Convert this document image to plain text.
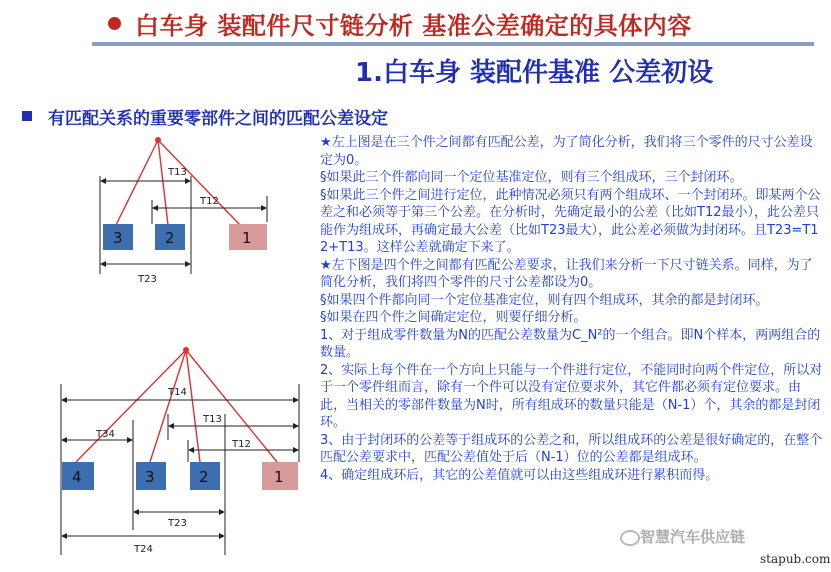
白车身 装配件尺寸链分析 基准公差确定的具体内容
1.白车身 装配件基准 公差初设
有匹配关系的重要零部件之间的匹配公差设定
T13
T12
T23
3	2	1
T14
T13
T34
T12
T23
T24
4	3	2	1

★左上图是在三个件之间都有匹配公差，为了简化分析，我们将三个零件的尺寸公差设定为0。

§如果此三个件都向同一个定位基准定位，则有三个组成环，三个封闭环。

§如果此三个件之间进行定位，此种情况必须只有两个组成环、一个封闭环。即某两个公差之和必须等于第三个公差。在分析时，先确定最小的公差（比如T12最小），此公差只能作为组成环，再确定最大公差（比如T23最大），此公差必须做为封闭环。且T23=T12+T13。这样公差就确定下来了。

★左下图是四个件之间都有匹配公差要求，让我们来分析一下尺寸链关系。同样，为了简化分析，我们将四个零件的尺寸公差都设为0。

§如果四个件都向同一个定位基准定位，则有四个组成环，其余的都是封闭环。

§如果在四个件之间确定定位，则要仔细分析。

1、对于组成零件数量为N的匹配公差数量为C_N²的一个组合。即N个样本，两两组合的数量。

2、实际上每个件在一个方向上只能与一个件进行定位，不能同时向两个件定位，所以对于一个零件组而言，除有一个件可以没有定位要求外，其它件都必须有定位要求。由此，当相关的零部件数量为N时，所有组成环的数量只能是（N-1）个，其余的都是封闭环。

3、由于封闭环的公差等于组成环的公差之和，所以组成环的公差是很好确定的，在整个匹配公差要求中，匹配公差值处于后（N-1）位的公差都是组成环。

4、确定组成环后，其它的公差值就可以由这些组成环进行累积而得。

智慧汽车供应链
stapub.com
